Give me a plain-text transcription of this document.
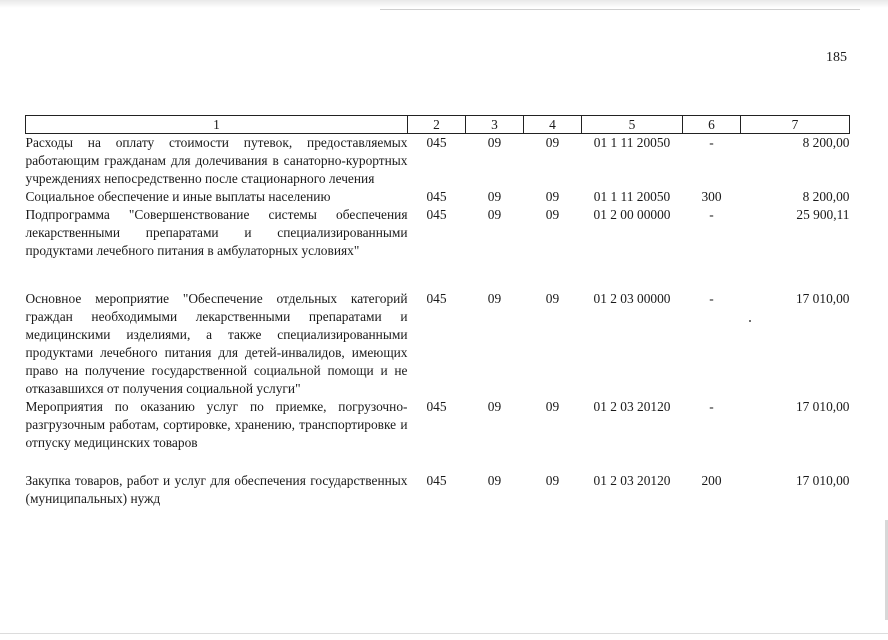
185
1	2	3	4	5	6	7
Расходы на оплату стоимости путевок, предоставляемых работающим гражданам для долечивания в санаторно-курортных учреждениях непосредственно после стационарного лечения	045	09	09	01 1 11 20050	-	8 200,00
Социальное обеспечение и иные выплаты населению	045	09	09	01 1 11 20050	300	8 200,00
Подпрограмма "Совершенствование системы обеспечения лекарственными препаратами и специализированными продуктами лечебного питания в амбулаторных условиях"	045	09	09	01 2 00 00000	-	25 900,11
Основное мероприятие "Обеспечение отдельных категорий граждан необходимыми лекарственными препаратами и медицинскими изделиями, а также специализированными продуктами лечебного питания для детей-инвалидов, имеющих право на получение государственной социальной помощи и не отказавшихся от получения социальной услуги"	045	09	09	01 2 03 00000	-	17 010,00
Мероприятия по оказанию услуг по приемке, погрузочно-разгрузочным работам, сортировке, хранению, транспортировке и отпуску медицинских товаров	045	09	09	01 2 03 20120	-	17 010,00
Закупка товаров, работ и услуг для обеспечения государственных (муниципальных) нужд	045	09	09	01 2 03 20120	200	17 010,00
